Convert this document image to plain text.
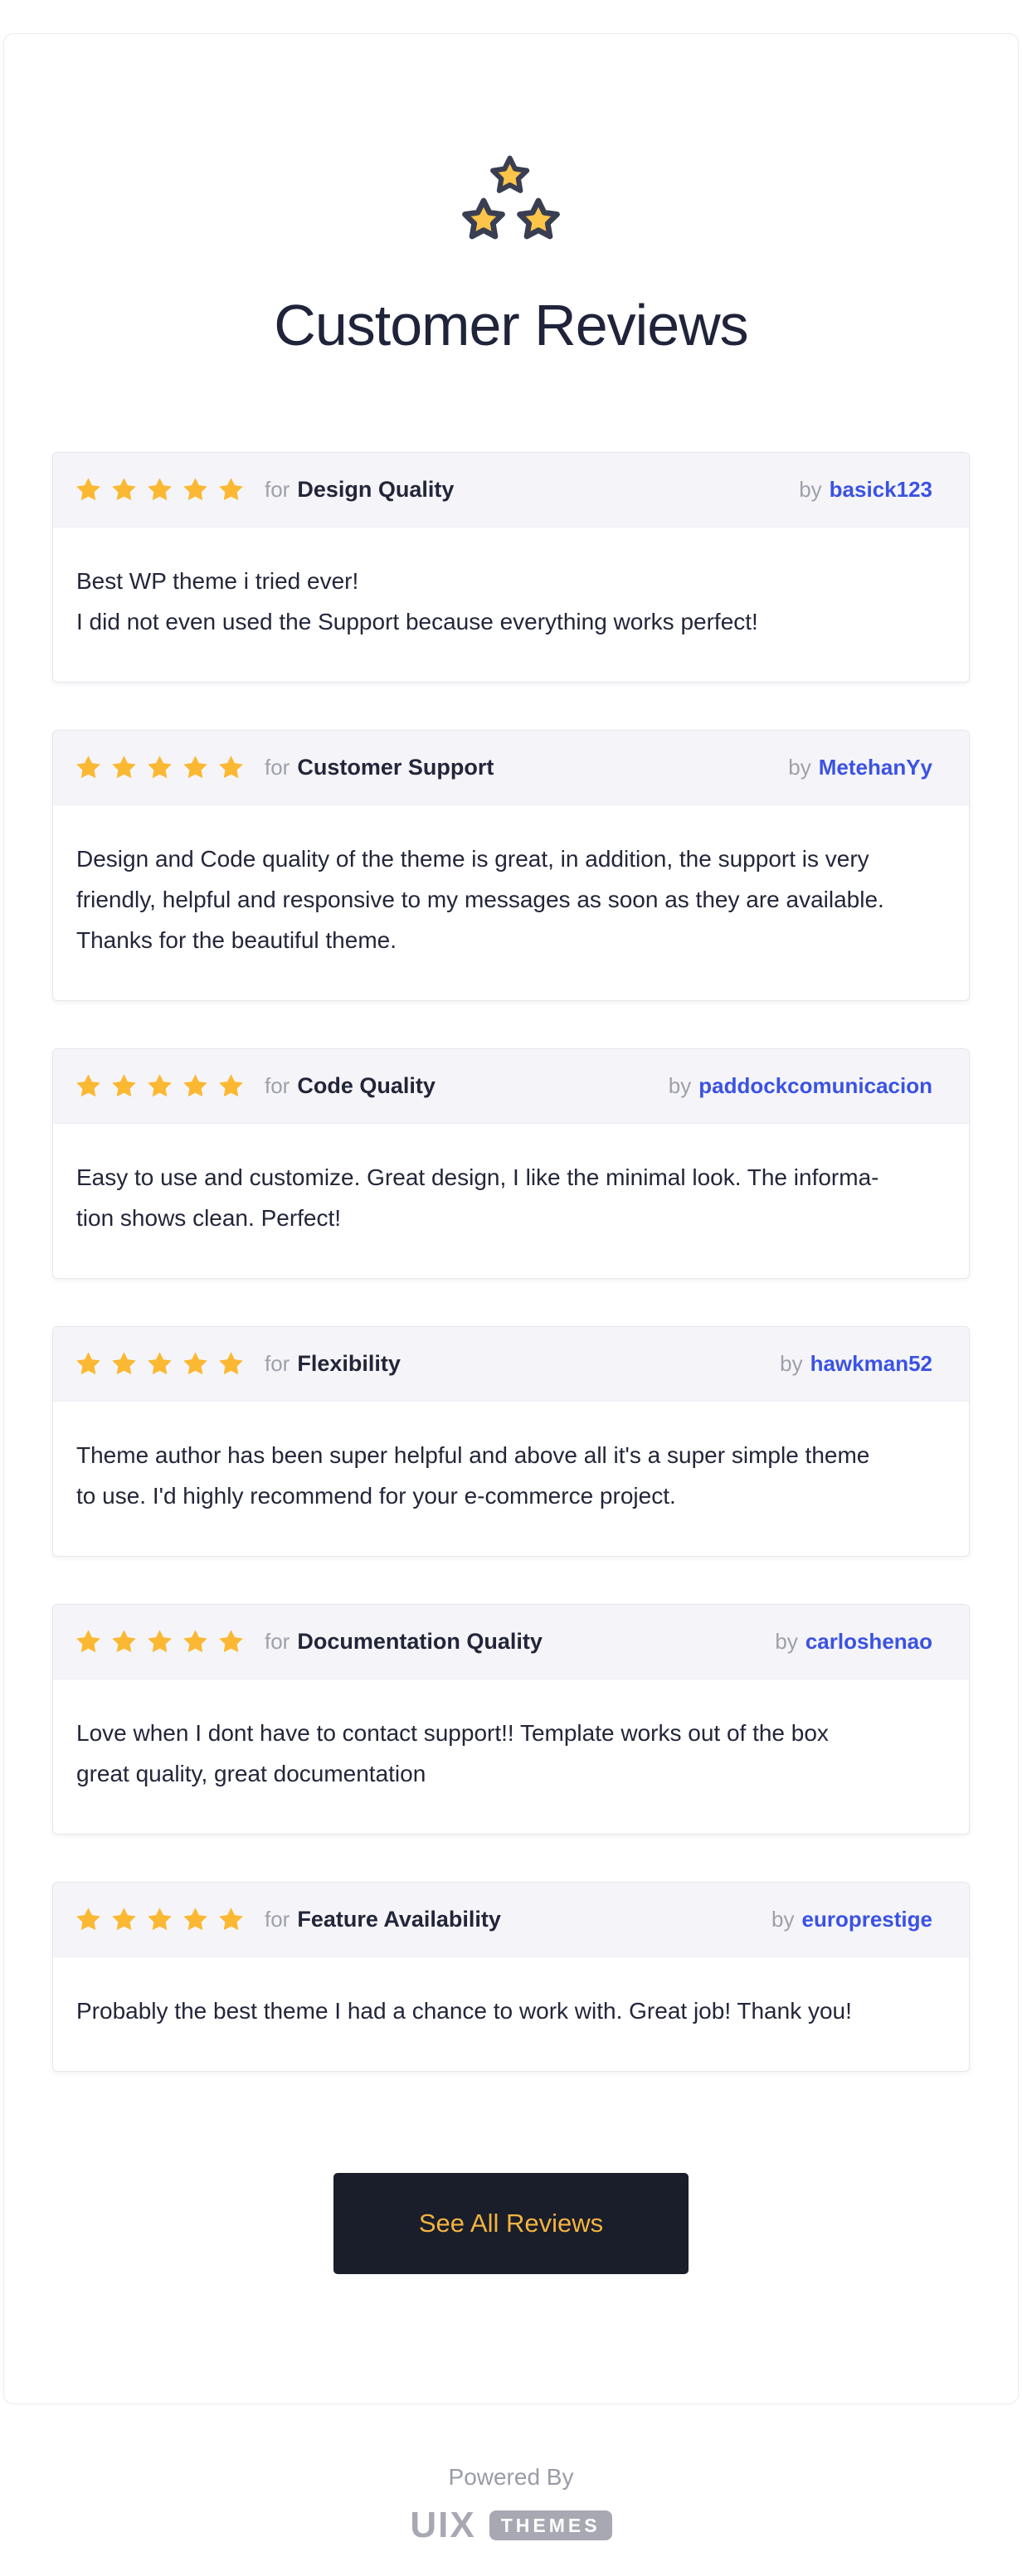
Customer Reviews
for Design Quality	by basick123

Best WP theme i tried ever!
I did not even used the Support because everything works perfect!

for Customer Support	by MetehanYy

Design and Code quality of the theme is great, in addition, the support is very
friendly, helpful and responsive to my messages as soon as they are available.
Thanks for the beautiful theme.

for Code Quality	by paddockcomunicacion

Easy to use and customize. Great design, I like the minimal look. The informa-
tion shows clean. Perfect!

for Flexibility	by hawkman52

Theme author has been super helpful and above all it's a super simple theme
to use. I'd highly recommend for your e-commerce project.

for Documentation Quality	by carloshenao

Love when I dont have to contact support!! Template works out of the box
great quality, great documentation

for Feature Availability	by europrestige

Probably the best theme I had a chance to work with. Great job! Thank you!

See All Reviews
Powered By
UIX	THEMES
